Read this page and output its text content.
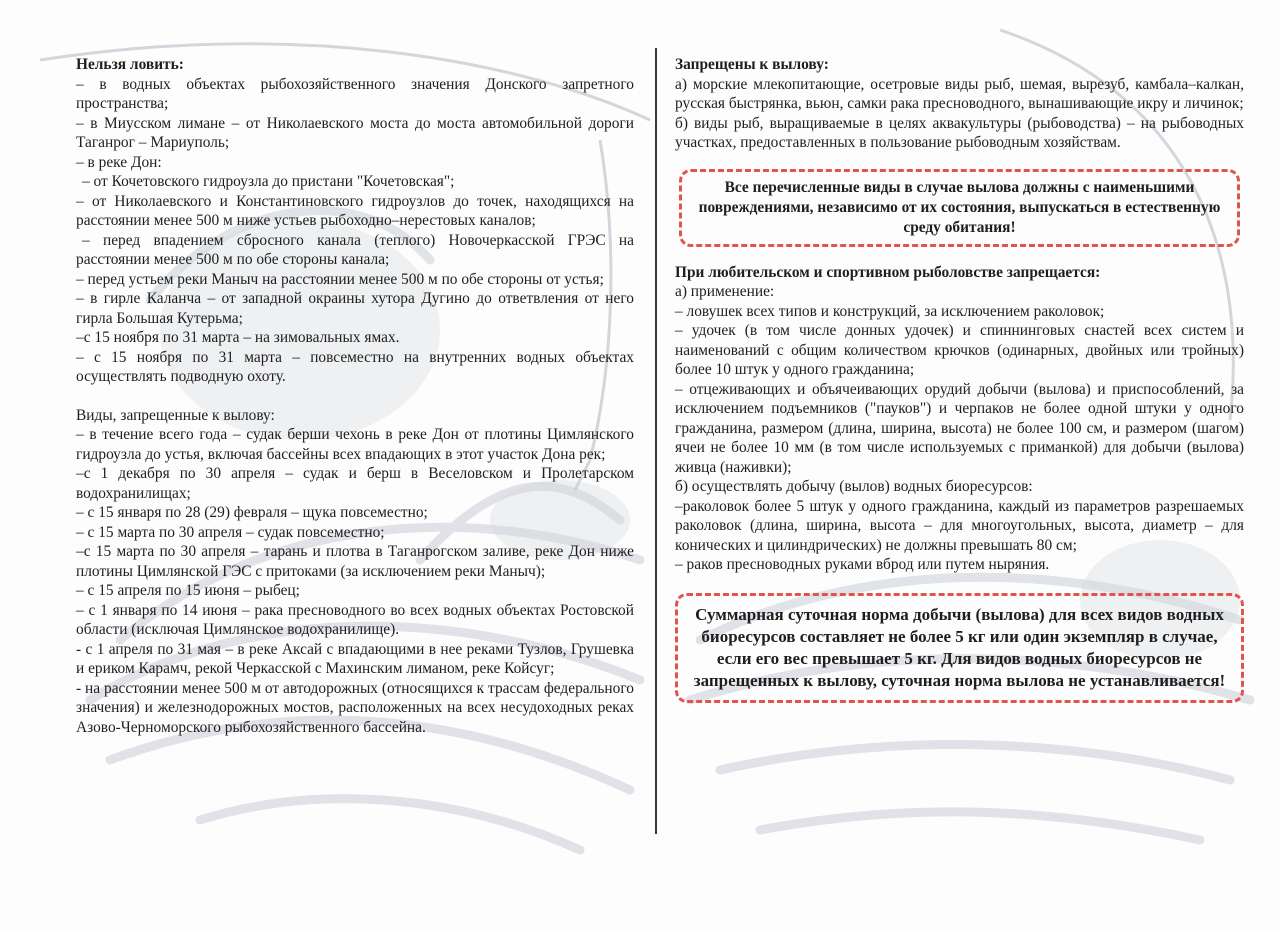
Нельзя ловить:

– в водных объектах рыбохозяйственного значения Донского запретного пространства;

– в Миусском лимане – от Николаевского моста до моста автомобильной дороги Таганрог – Мариуполь;

– в реке Дон:

– от Кочетовского гидроузла до пристани "Кочетовская";

– от Николаевского и Константиновского гидроузлов до точек, находящихся на расстоянии менее 500 м ниже устьев рыбоходно–нерестовых каналов;

– перед впадением сбросного канала (теплого) Новочеркасской ГРЭС на расстоянии менее 500 м по обе стороны канала;

– перед устьем реки Маныч на расстоянии менее 500 м по обе стороны от устья;

– в гирле Каланча – от западной окраины хутора Дугино до ответвления от него гирла Большая Кутерьма;

–с 15 ноября по 31 марта – на зимовальных ямах.

– с 15 ноября по 31 марта – повсеместно на внутренних водных объектах осуществлять подводную охоту.

Виды, запрещенные к вылову:

– в течение всего года – судак берши чехонь в реке Дон от плотины Цимлянского гидроузла до устья, включая бассейны всех впадающих в этот участок Дона рек;

–с 1 декабря по 30 апреля – судак и берш в Веселовском и Пролетарском водохранилищах;

– с 15 января по 28 (29) февраля – щука повсеместно;

– с 15 марта по 30 апреля – судак повсеместно;

–с 15 марта по 30 апреля – тарань и плотва в Таганрогском заливе, реке Дон ниже плотины Цимлянской ГЭС с притоками (за исключением реки Маныч);

– с 15 апреля по 15 июня – рыбец;

– с 1 января по 14 июня – рака пресноводного во всех водных объектах Ростовской области (исключая Цимлянское водохранилище).

- с 1 апреля по 31 мая – в реке Аксай с впадающими в нее реками Тузлов, Грушевка и ериком Карамч, рекой Черкасской с Махинским лиманом, реке Койсуг;

- на расстоянии менее 500 м от автодорожных (относящихся к трассам федерального значения) и железнодорожных мостов, расположенных на всех несудоходных реках Азово-Черноморского рыбохозяйственного бассейна.

Запрещены к вылову:

а) морские млекопитающие, осетровые виды рыб, шемая, вырезуб, камбала–калкан, русская быстрянка, вьюн, самки рака пресноводного, вынашивающие икру и личинок;

б) виды рыб, выращиваемые в целях аквакультуры (рыбоводства) – на рыбоводных участках, предоставленных в пользование рыбоводным хозяйствам.

Все перечисленные виды в случае вылова должны с наименьшими повреждениями, независимо от их состояния, выпускаться в естественную среду обитания!

При любительском и спортивном рыболовстве запрещается:

а) применение:

– ловушек всех типов и конструкций, за исключением раколовок;

– удочек (в том числе донных удочек) и спиннинговых снастей всех систем и наименований с общим количеством крючков (одинарных, двойных или тройных) более 10 штук у одного гражданина;

– отцеживающих и объячеивающих орудий добычи (вылова) и приспособлений, за исключением подъемников ("пауков") и черпаков не более одной штуки у одного гражданина, размером (длина, ширина, высота) не более 100 см, и размером (шагом) ячеи не более 10 мм (в том числе используемых с приманкой) для добычи (вылова) живца (наживки);

б) осуществлять добычу (вылов) водных биоресурсов:

–раколовок более 5 штук у одного гражданина, каждый из параметров разрешаемых раколовок (длина, ширина, высота – для многоугольных, высота, диаметр – для конических и цилиндрических) не должны превышать 80 см;

– раков пресноводных руками вброд или путем ныряния.

Суммарная суточная норма добычи (вылова) для всех видов водных биоресурсов составляет не более 5 кг или один экземпляр в случае, если его вес превышает 5 кг. Для видов водных биоресурсов не запрещенных к вылову, суточная норма вылова не устанавливается!
